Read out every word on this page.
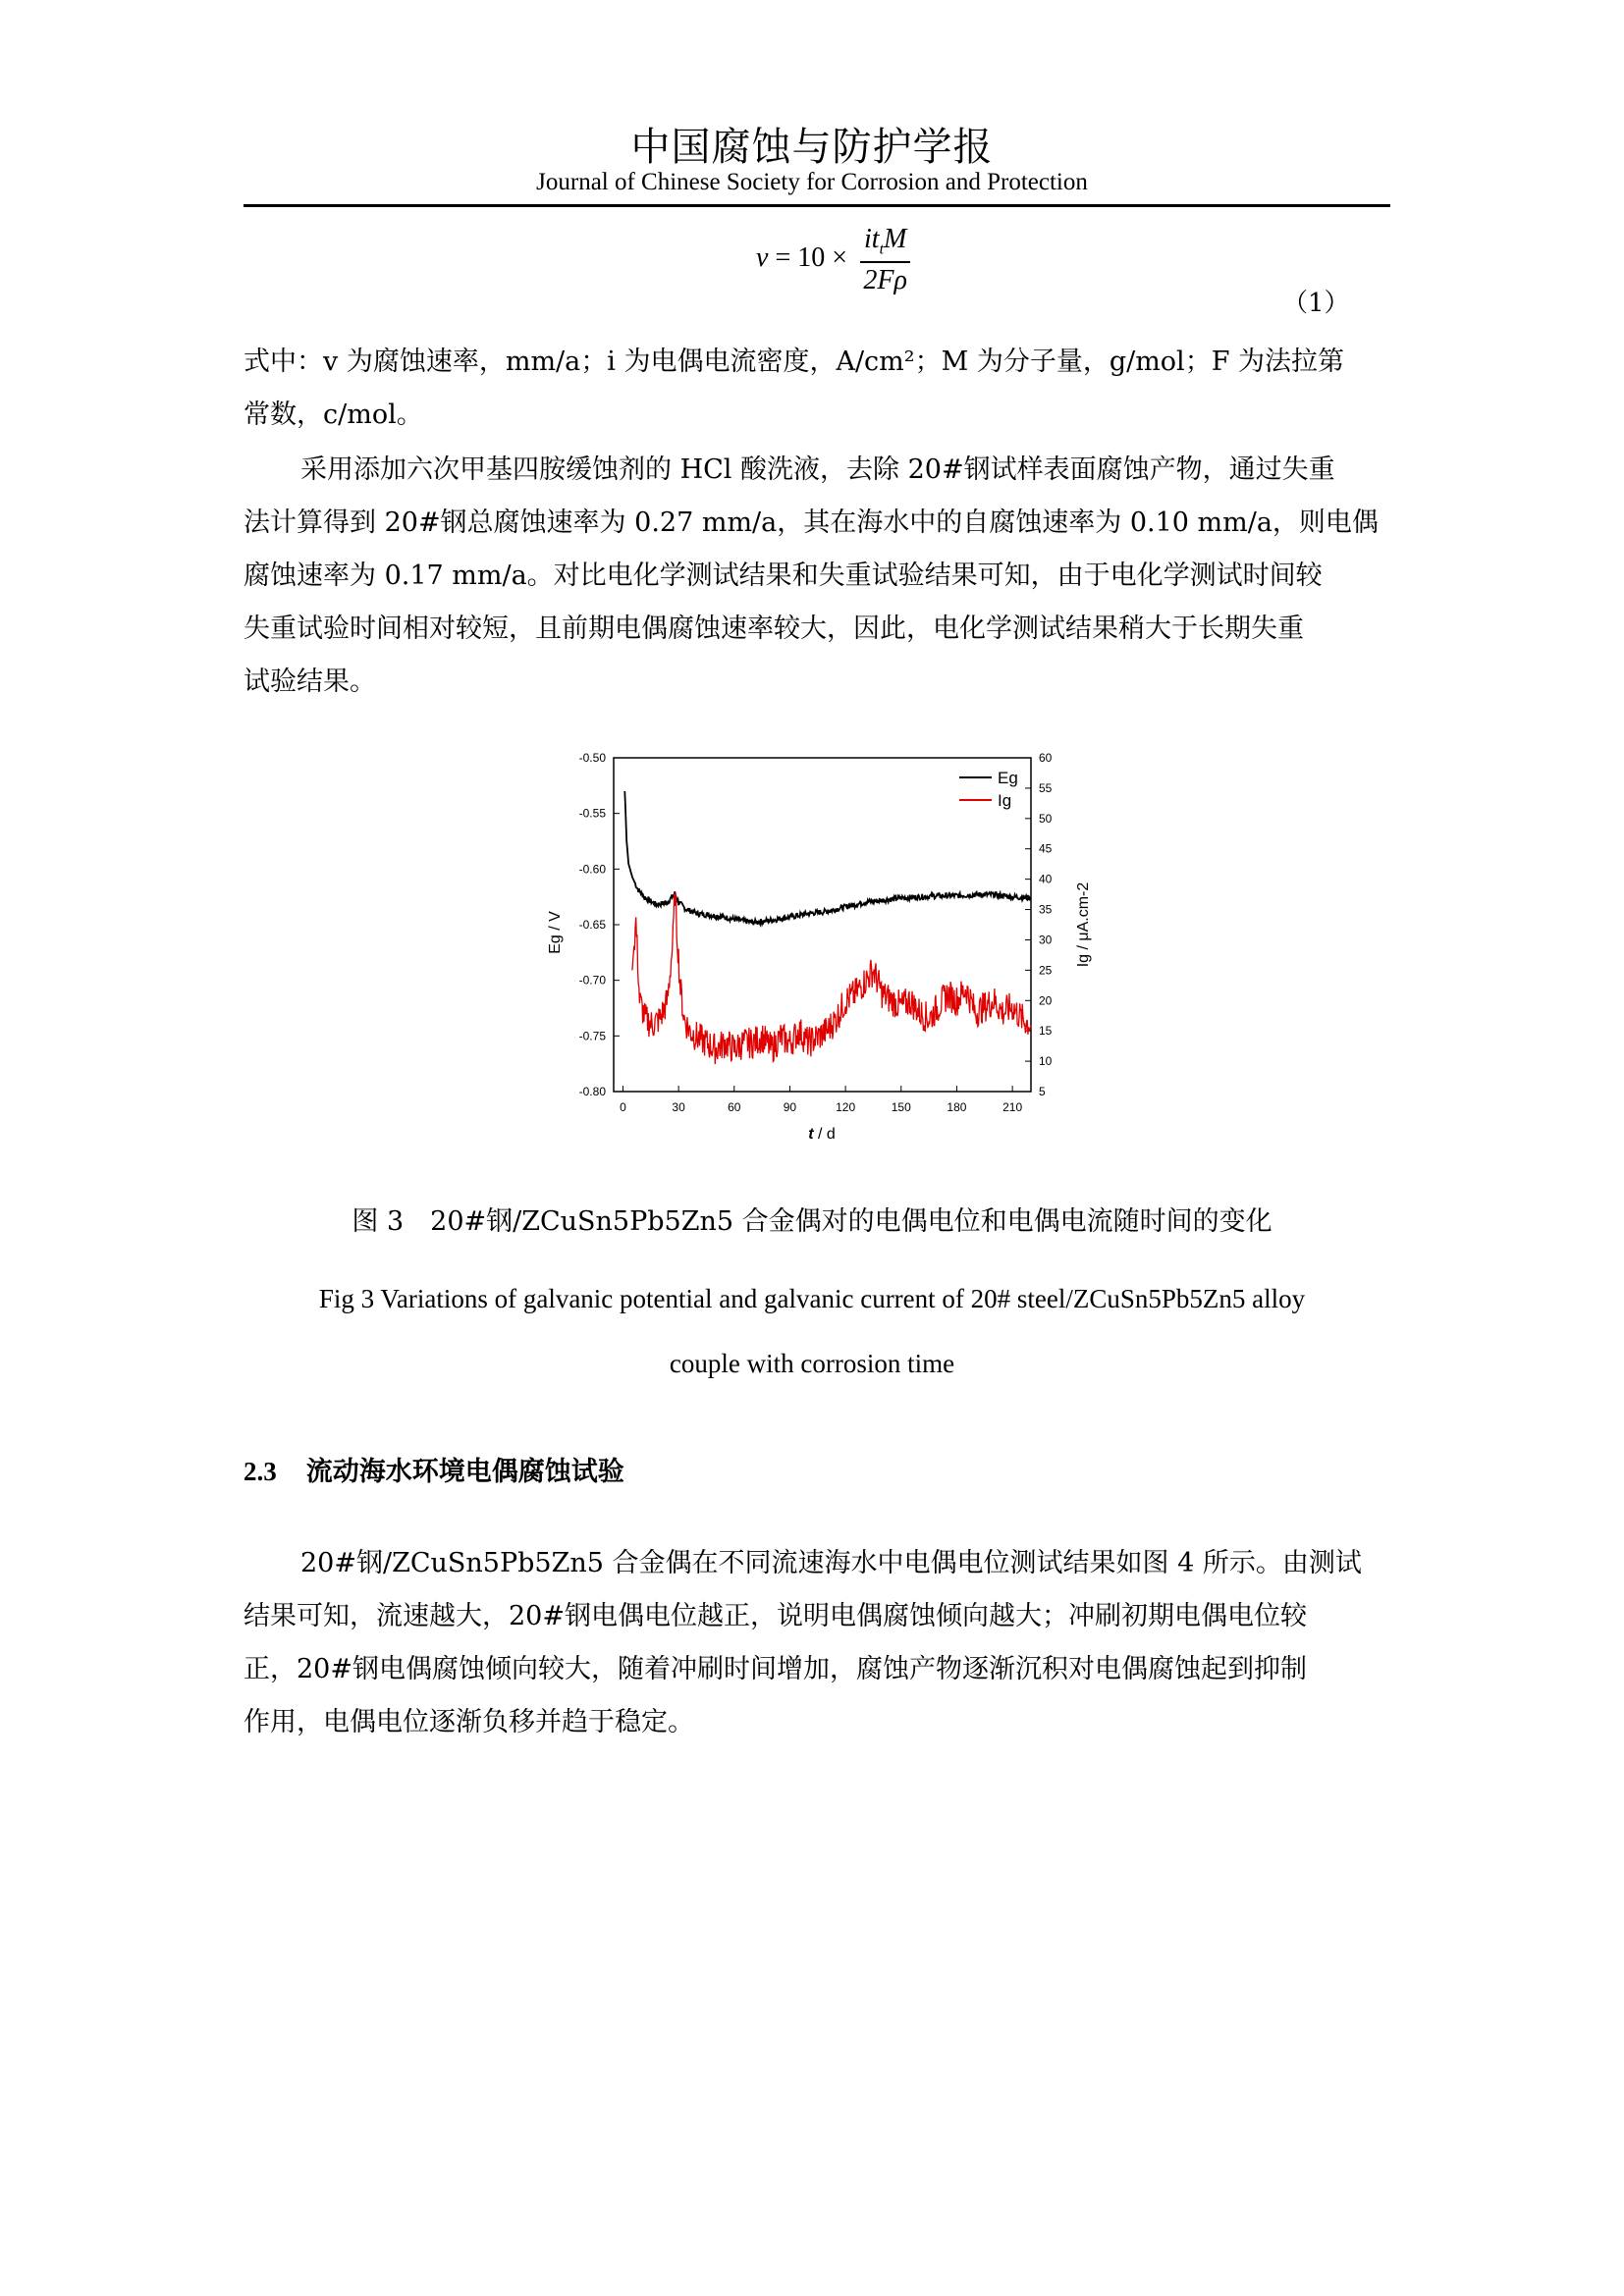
中国腐蚀与防护学报
Journal of Chinese Society for Corrosion and Protection
$v = 10 \times \frac{it_tM}{2F\rho}$
（1）
式中：v 为腐蚀速率，mm/a；i 为电偶电流密度，A/cm²；M 为分子量，g/mol；F 为法拉第
常数，c/mol。
采用添加六次甲基四胺缓蚀剂的 HCl 酸洗液，去除 20#钢试样表面腐蚀产物，通过失重
法计算得到 20#钢总腐蚀速率为 0.27 mm/a，其在海水中的自腐蚀速率为 0.10 mm/a，则电偶
腐蚀速率为 0.17 mm/a。对比电化学测试结果和失重试验结果可知，由于电化学测试时间较
失重试验时间相对较短，且前期电偶腐蚀速率较大，因此，电化学测试结果稍大于长期失重
试验结果。
0	30	60	90	120	150	180	210
-0.50
-0.55
-0.60
-0.65
-0.70
-0.75
-0.80
60
55
50
45
40
35
30
25
20
15
10
5
Eg
Ig
Eg / V	Ig / μA.cm-2
t / d
图 3　20#钢/ZCuSn5Pb5Zn5 合金偶对的电偶电位和电偶电流随时间的变化
Fig 3 Variations of galvanic potential and galvanic current of 20# steel/ZCuSn5Pb5Zn5 alloy
couple with corrosion time
2.3 流动海水环境电偶腐蚀试验
20#钢/ZCuSn5Pb5Zn5 合金偶在不同流速海水中电偶电位测试结果如图 4 所示。由测试
结果可知，流速越大，20#钢电偶电位越正，说明电偶腐蚀倾向越大；冲刷初期电偶电位较
正，20#钢电偶腐蚀倾向较大，随着冲刷时间增加，腐蚀产物逐渐沉积对电偶腐蚀起到抑制
作用，电偶电位逐渐负移并趋于稳定。
